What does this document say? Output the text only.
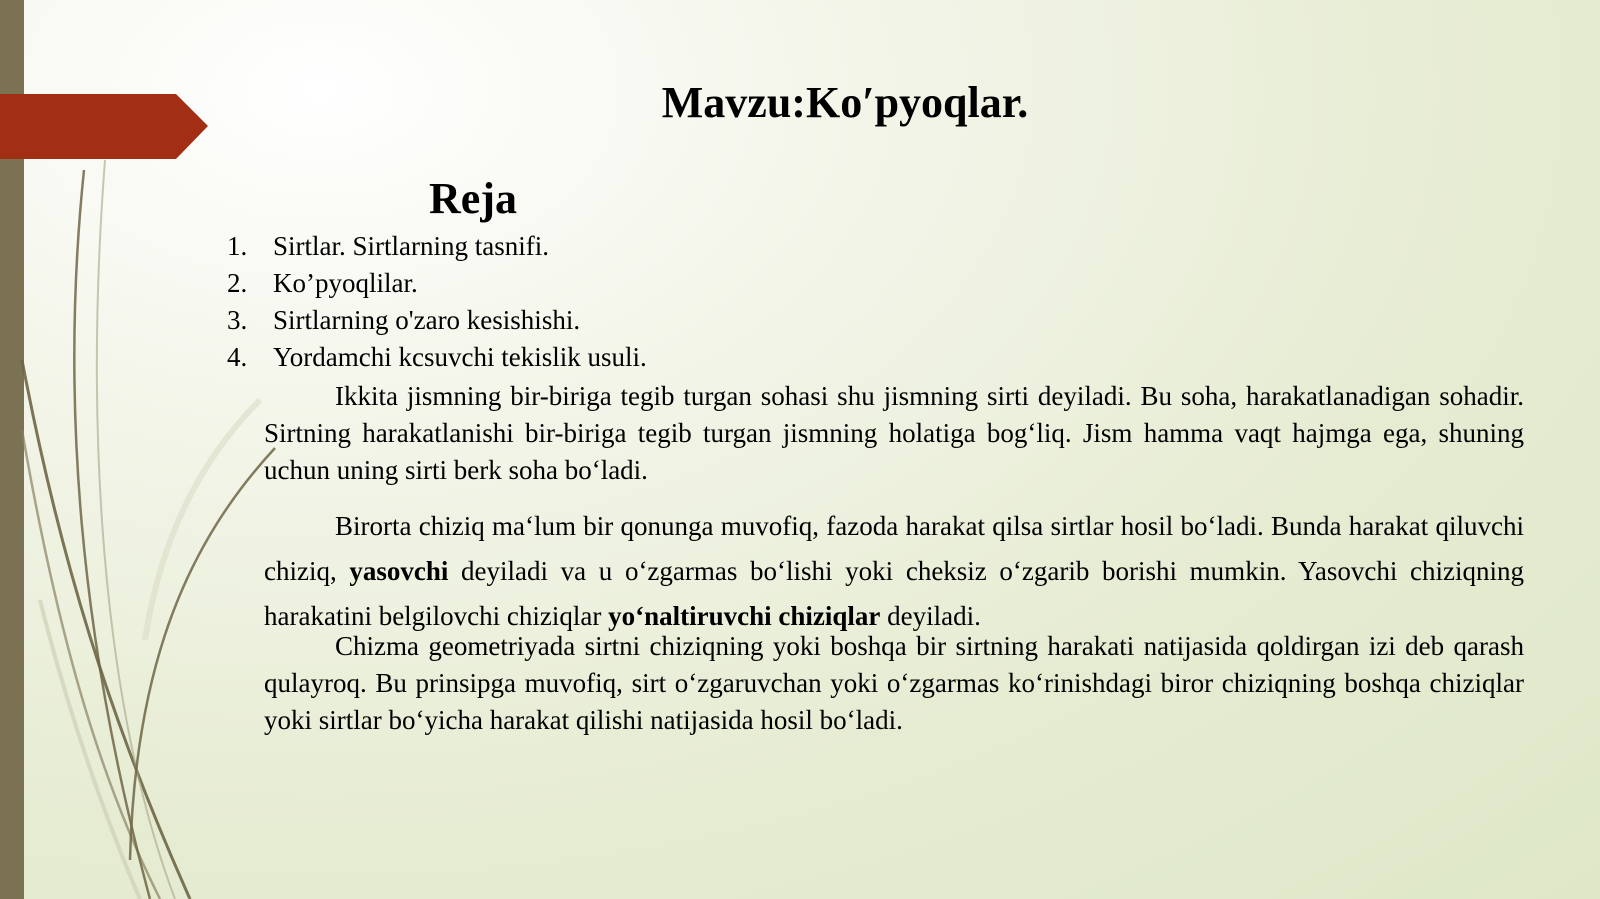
Mavzu:Ko′pyoqlar.
Reja
1. Sirtlar. Sirtlarning tasnifi.
2. Ko’pyoqlilar.
3. Sirtlarning o'zaro kesishishi.
4. Yordamchi kcsuvchi tekislik usuli.

Ikkita jismning bir-biriga tegib turgan sohasi shu jismning sirti deyiladi. Bu soha, harakatlanadigan sohadir. Sirtning harakatlanishi bir-biriga tegib turgan jismning holatiga bog‘liq. Jism hamma vaqt hajmga ega, shuning uchun uning sirti berk soha bo‘ladi.

Birorta chiziq ma‘lum bir qonunga muvofiq, fazoda harakat qilsa sirtlar hosil bo‘ladi. Bunda harakat qiluvchi chiziq, yasovchi deyiladi va u o‘zgarmas bo‘lishi yoki cheksiz o‘zgarib borishi mumkin. Yasovchi chiziqning harakatini belgilovchi chiziqlar yo‘naltiruvchi chiziqlar deyiladi.

Chizma geometriyada sirtni chiziqning yoki boshqa bir sirtning harakati natijasida qoldirgan izi deb qarash qulayroq. Bu prinsipga muvofiq, sirt o‘zgaruvchan yoki o‘zgarmas ko‘rinishdagi biror chiziqning boshqa chiziqlar yoki sirtlar bo‘yicha harakat qilishi natijasida hosil bo‘ladi.
